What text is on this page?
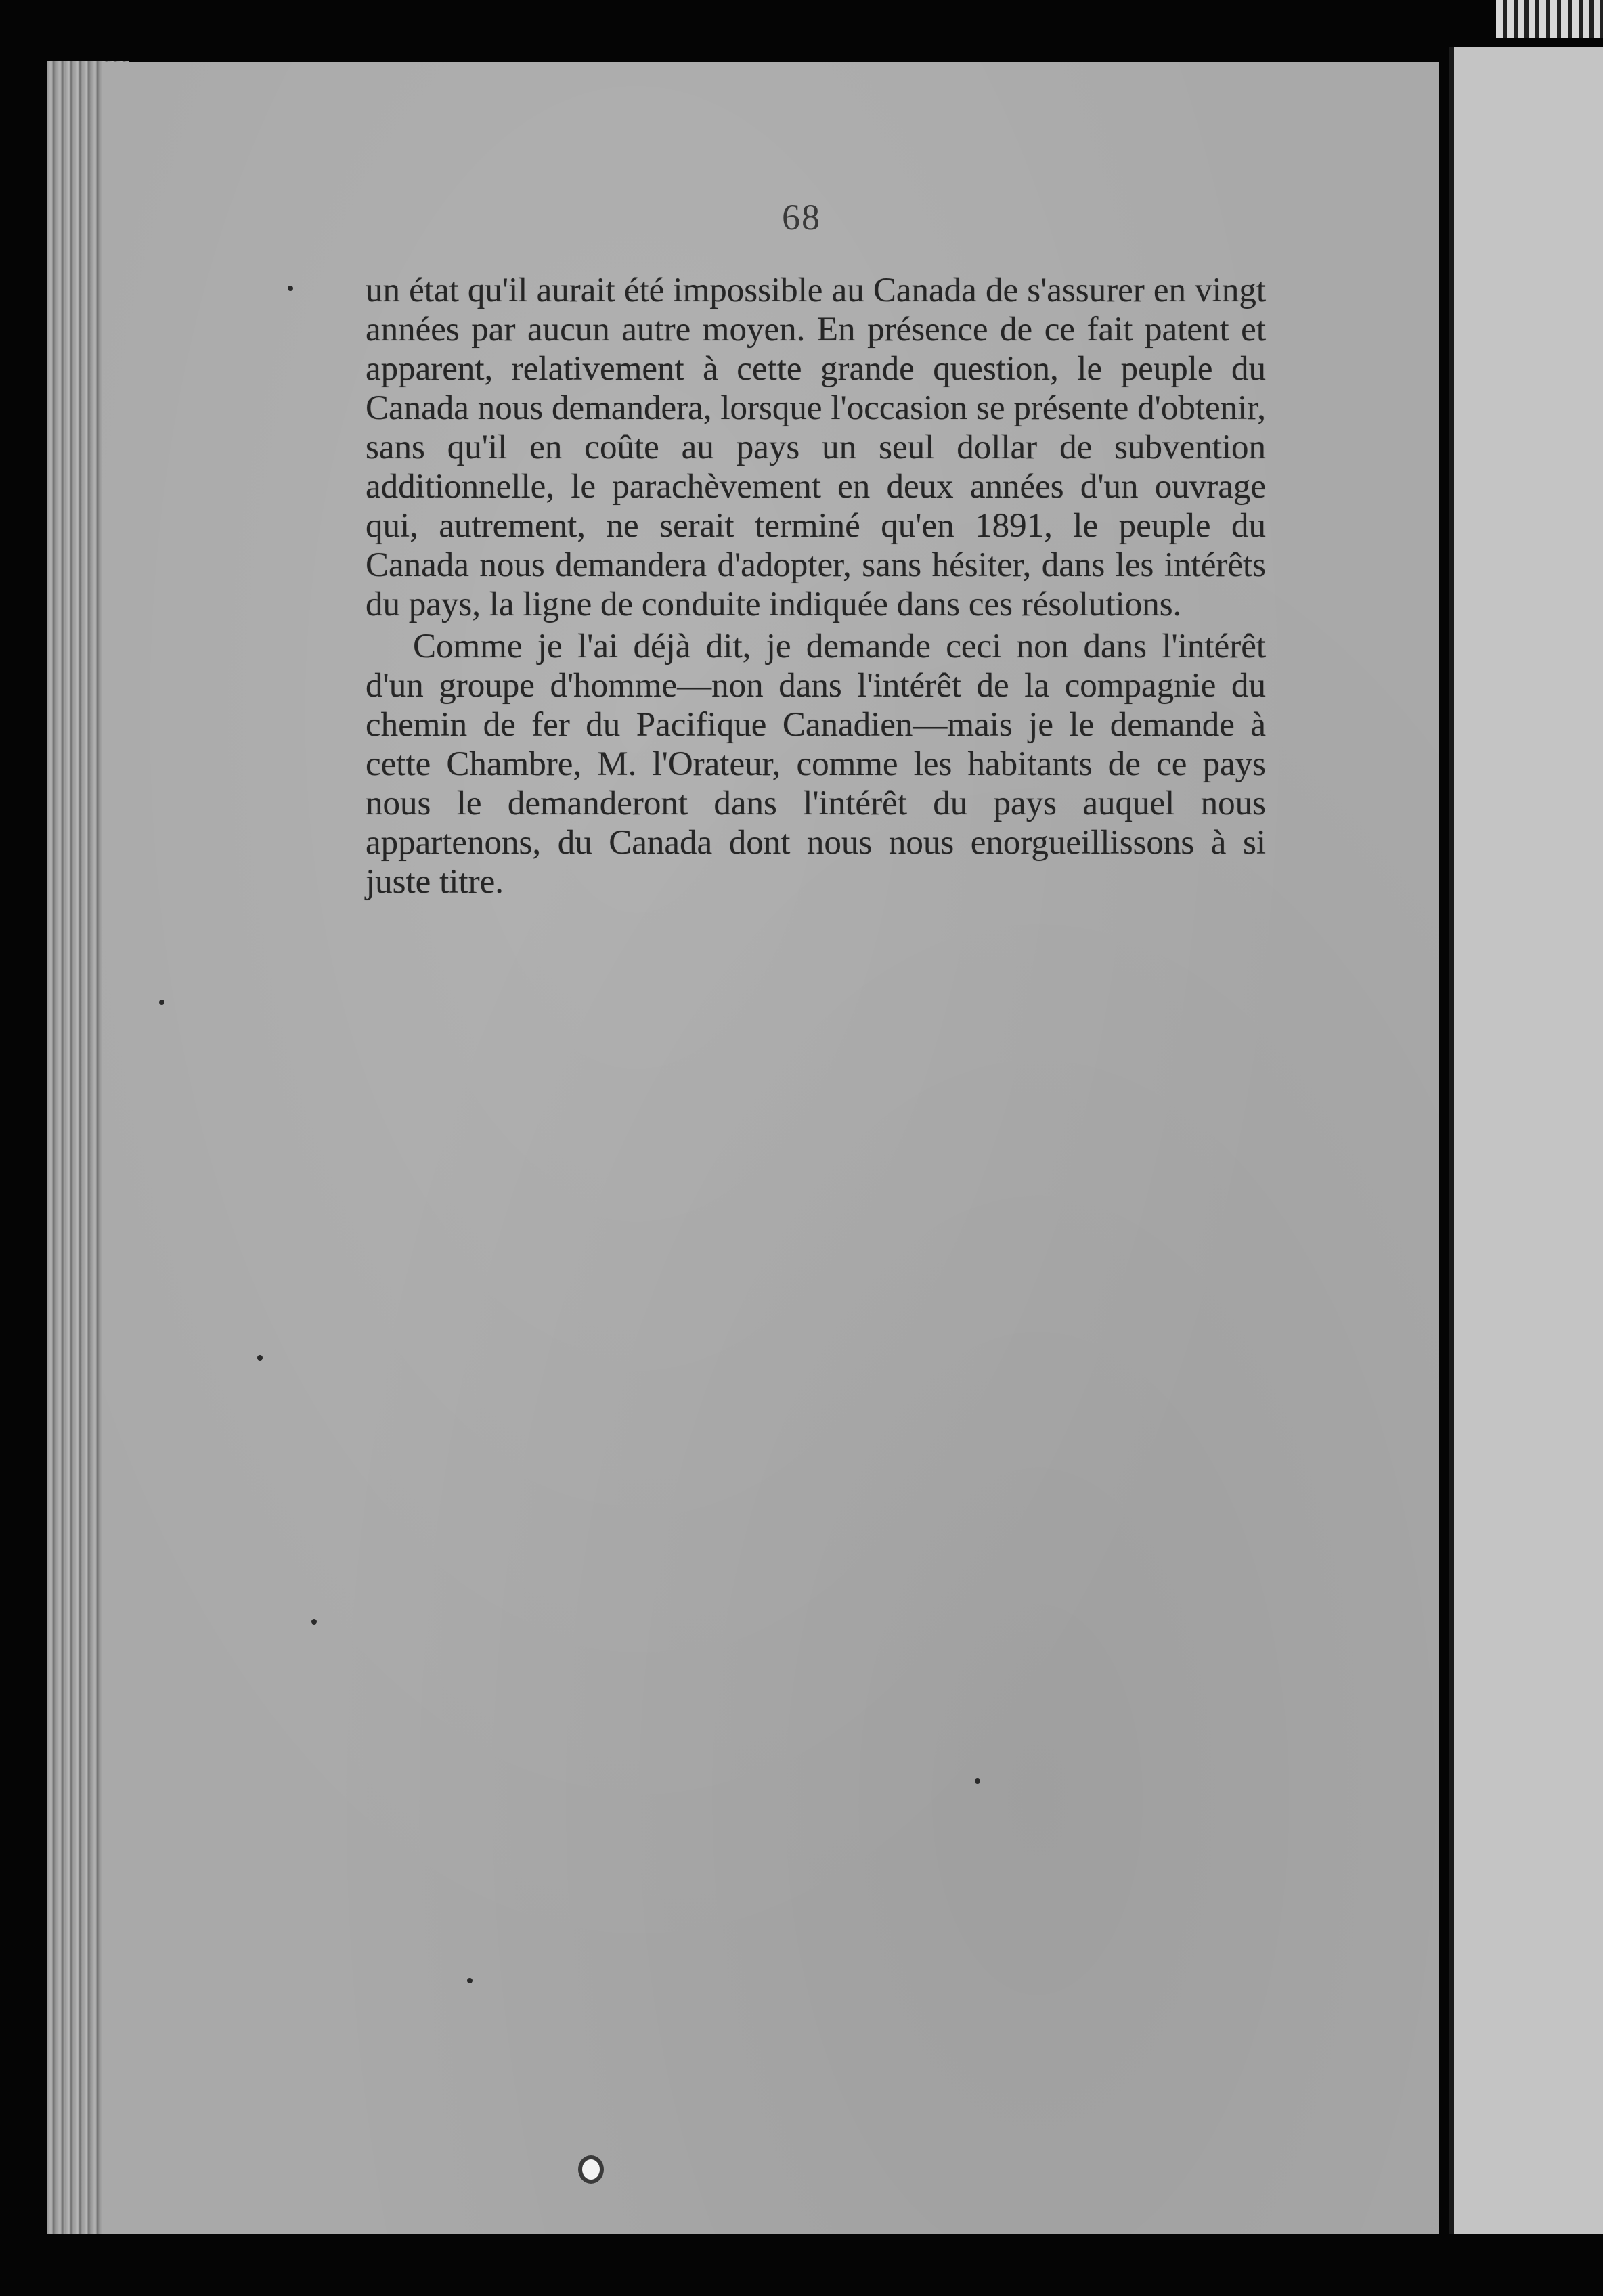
68

un état qu'il aurait été impossible au Canada de s'assurer en vingt années par aucun autre moyen. En présence de ce fait patent et apparent, relativement à cette grande question, le peuple du Canada nous demandera, lorsque l'occasion se présente d'obtenir, sans qu'il en coûte au pays un seul dollar de subvention additionnelle, le parachèvement en deux années d'un ouvrage qui, autrement, ne serait terminé qu'en 1891, le peuple du Canada nous demandera d'adopter, sans hésiter, dans les intérêts du pays, la ligne de conduite indiquée dans ces résolutions.

Comme je l'ai déjà dit, je demande ceci non dans l'intérêt d'un groupe d'homme—non dans l'intérêt de la compagnie du chemin de fer du Pacifique Canadien—mais je le demande à cette Chambre, M. l'Orateur, comme les habitants de ce pays nous le demanderont dans l'intérêt du pays auquel nous appartenons, du Canada dont nous nous enorgueillissons à si juste titre.
